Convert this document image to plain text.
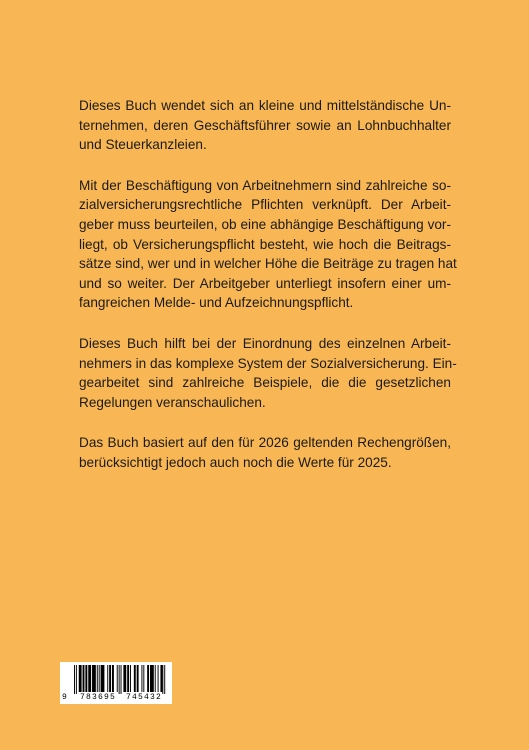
Dieses Buch wendet sich an kleine und mittelständische Un-
ternehmen, deren Geschäftsführer sowie an Lohnbuchhalter
und Steuerkanzleien.

Mit der Beschäftigung von Arbeitnehmern sind zahlreiche so-
zialversicherungsrechtliche Pflichten verknüpft. Der Arbeit-
geber muss beurteilen, ob eine abhängige Beschäftigung vor-
liegt, ob Versicherungspflicht besteht, wie hoch die Beitrags-
sätze sind, wer und in welcher Höhe die Beiträge zu tragen hat
und so weiter. Der Arbeitgeber unterliegt insofern einer um-
fangreichen Melde- und Aufzeichnungspflicht.

Dieses Buch hilft bei der Einordnung des einzelnen Arbeit-
nehmers in das komplexe System der Sozialversicherung. Ein-
gearbeitet sind zahlreiche Beispiele, die die gesetzlichen
Regelungen veranschaulichen.

Das Buch basiert auf den für 2026 geltenden Rechengrößen,
berücksichtigt jedoch auch noch die Werte für 2025.

9 783695 745432
